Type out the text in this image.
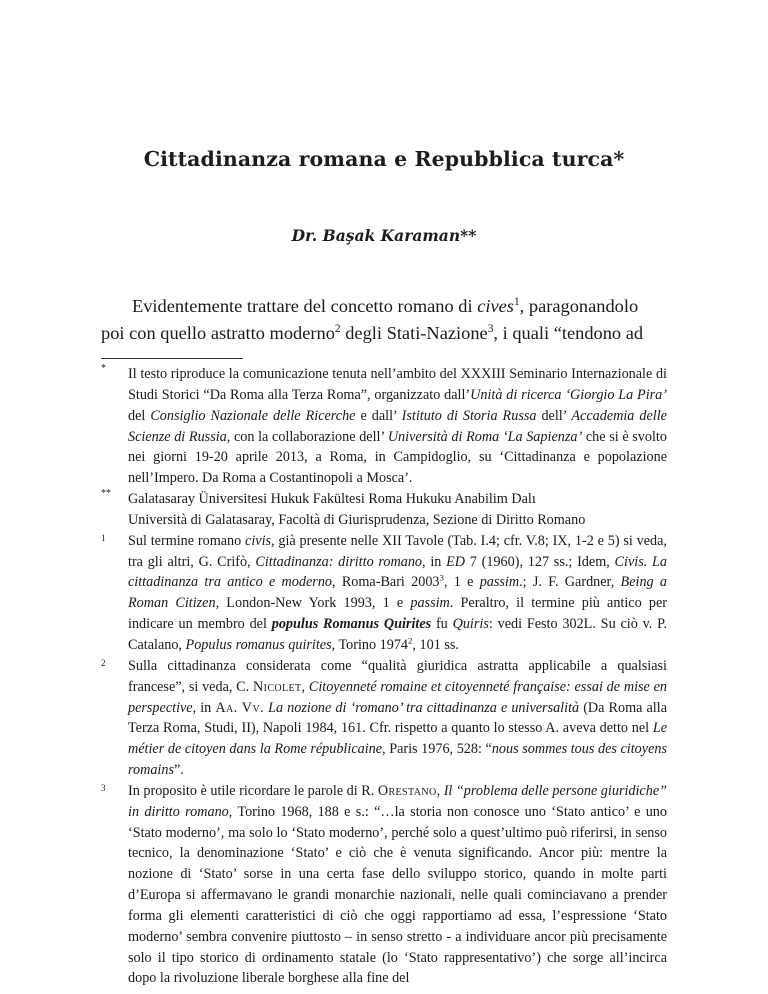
Cittadinanza romana e Repubblica turca*
Dr. Başak Karaman**
Evidentemente trattare del concetto romano di cives$^1$, paragonandolo
poi con quello astratto moderno$^2$ degli Stati-Nazione$^3$, i quali “tendono ad
* Il testo riproduce la comunicazione tenuta nell’ambito del XXXIII Seminario Internazionale di Studi Storici “Da Roma alla Terza Roma”, organizzato dall’Unità di ricerca ‘Giorgio La Pira’ del Consiglio Nazionale delle Ricerche e dall’ Istituto di Storia Russa dell’ Accademia delle Scienze di Russia, con la collaborazione dell’ Università di Roma ‘La Sapienza’ che si è svolto nei giorni 19-20 aprile 2013, a Roma, in Campidoglio, su ‘Cittadinanza e popolazione nell’Impero. Da Roma a Costantinopoli a Mosca’.
** Galatasaray Üniversitesi Hukuk Fakültesi Roma Hukuku Anabilim Dalı
Università di Galatasaray, Facoltà di Giurisprudenza, Sezione di Diritto Romano
1 Sul termine romano civis, già presente nelle XII Tavole (Tab. I.4; cfr. V.8; IX, 1-2 e 5) si veda, tra gli altri, G. Crifò, Cittadinanza: diritto romano, in ED 7 (1960), 127 ss.; Idem, Civis. La cittadinanza tra antico e moderno, Roma-Bari 2003$^3$, 1 e passim.; J. F. Gardner, Being a Roman Citizen, London-New York 1993, 1 e passim. Peraltro, il termine più antico per indicare un membro del populus Romanus Quirites fu Quiris: vedi Festo 302L. Su ciò v. P. Catalano, Populus romanus quirites, Torino 1974$^2$, 101 ss.
2 Sulla cittadinanza considerata come “qualità giuridica astratta applicabile a qualsiasi francese”, si veda, C. Nicolet, Citoyenneté romaine et citoyenneté française: essai de mise en perspective, in Aa. Vv. La nozione di ‘romano’ tra cittadinanza e universalità (Da Roma alla Terza Roma, Studi, II), Napoli 1984, 161. Cfr. rispetto a quanto lo stesso A. aveva detto nel Le métier de citoyen dans la Rome républicaine, Paris 1976, 528: “nous sommes tous des citoyens romains”.
3 In proposito è utile ricordare le parole di R. Orestano, Il “problema delle persone giuridiche” in diritto romano, Torino 1968, 188 e s.: “…la storia non conosce uno ‘Stato antico’ e uno ‘Stato moderno’, ma solo lo ‘Stato moderno’, perché solo a quest’ultimo può riferirsi, in senso tecnico, la denominazione ‘Stato’ e ciò che è venuta significando. Ancor più: mentre la nozione di ‘Stato’ sorse in una certa fase dello sviluppo storico, quando in molte parti d’Europa si affermavano le grandi monarchie nazionali, nelle quali cominciavano a prender forma gli elementi caratteristici di ciò che oggi rapportiamo ad essa, l’espressione ‘Stato moderno’ sembra convenire piuttosto – in senso stretto - a individuare ancor più precisamente solo il tipo storico di ordinamento statale (lo ‘Stato rappresentativo’) che sorge all’incirca dopo la rivoluzione liberale borghese alla fine del
